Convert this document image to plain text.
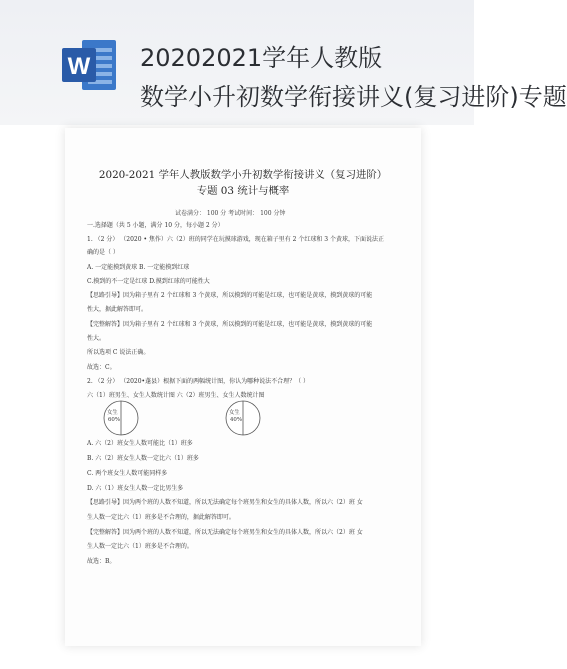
W 20202021学年人教版
数学小升初数学衔接讲义(复习进阶)专题
2020-2021 学年人教版数学小升初数学衔接讲义（复习进阶）
专题 03 统计与概率
试卷满分： 100 分 考试时间： 100 分钟
一.选择题（共 5 小题，满分 10 分，每小题 2 分）
1. （2 分） （2020 • 焦作）六（2）班的同学在玩摸球游戏，现在箱子里有 2 个红球和 3 个黄球，下面说法正
确的是（ ）
A. 一定能摸到黄球 B. 一定能摸到红球
C.摸到的不一定是红球 D.摸到红球的可能性大
【思路引导】因为箱子里有 2 个红球和 3 个黄球，所以摸到的可能是红球，也可能是黄球，摸到黄球的可能
性大，据此解答即可。
【完整解答】因为箱子里有 2 个红球和 3 个黄球，所以摸到的可能是红球，也可能是黄球，摸到黄球的可能
性大。
所以选项 C 说法正确。
故选：C。
2. （2 分） （2020•蓬县）根据下面的两幅统计图，你认为哪种说法不合理？（ ）
六（1）班男生、女生人数统计图 六（2）班男生、女生人数统计图
女生
60%
女生
40%
A. 六（2）班女生人数可能比（1）班多
B. 六（2）班女生人数一定比六（1）班多
C. 两个班女生人数可能同样多
D. 六（1）班女生人数一定比男生多
【思路引导】因为两个班的人数不知道，所以无法确定每个班男生和女生的具体人数，所以六（2）班 女
生人数一定比六（1）班多是不合理的，据此解答即可。
【完整解答】因为两个班的人数不知道，所以无法确定每个班男生和女生的具体人数，所以六（2）班 女
生人数一定比六（1）班多是不合理的。
故选：B。
